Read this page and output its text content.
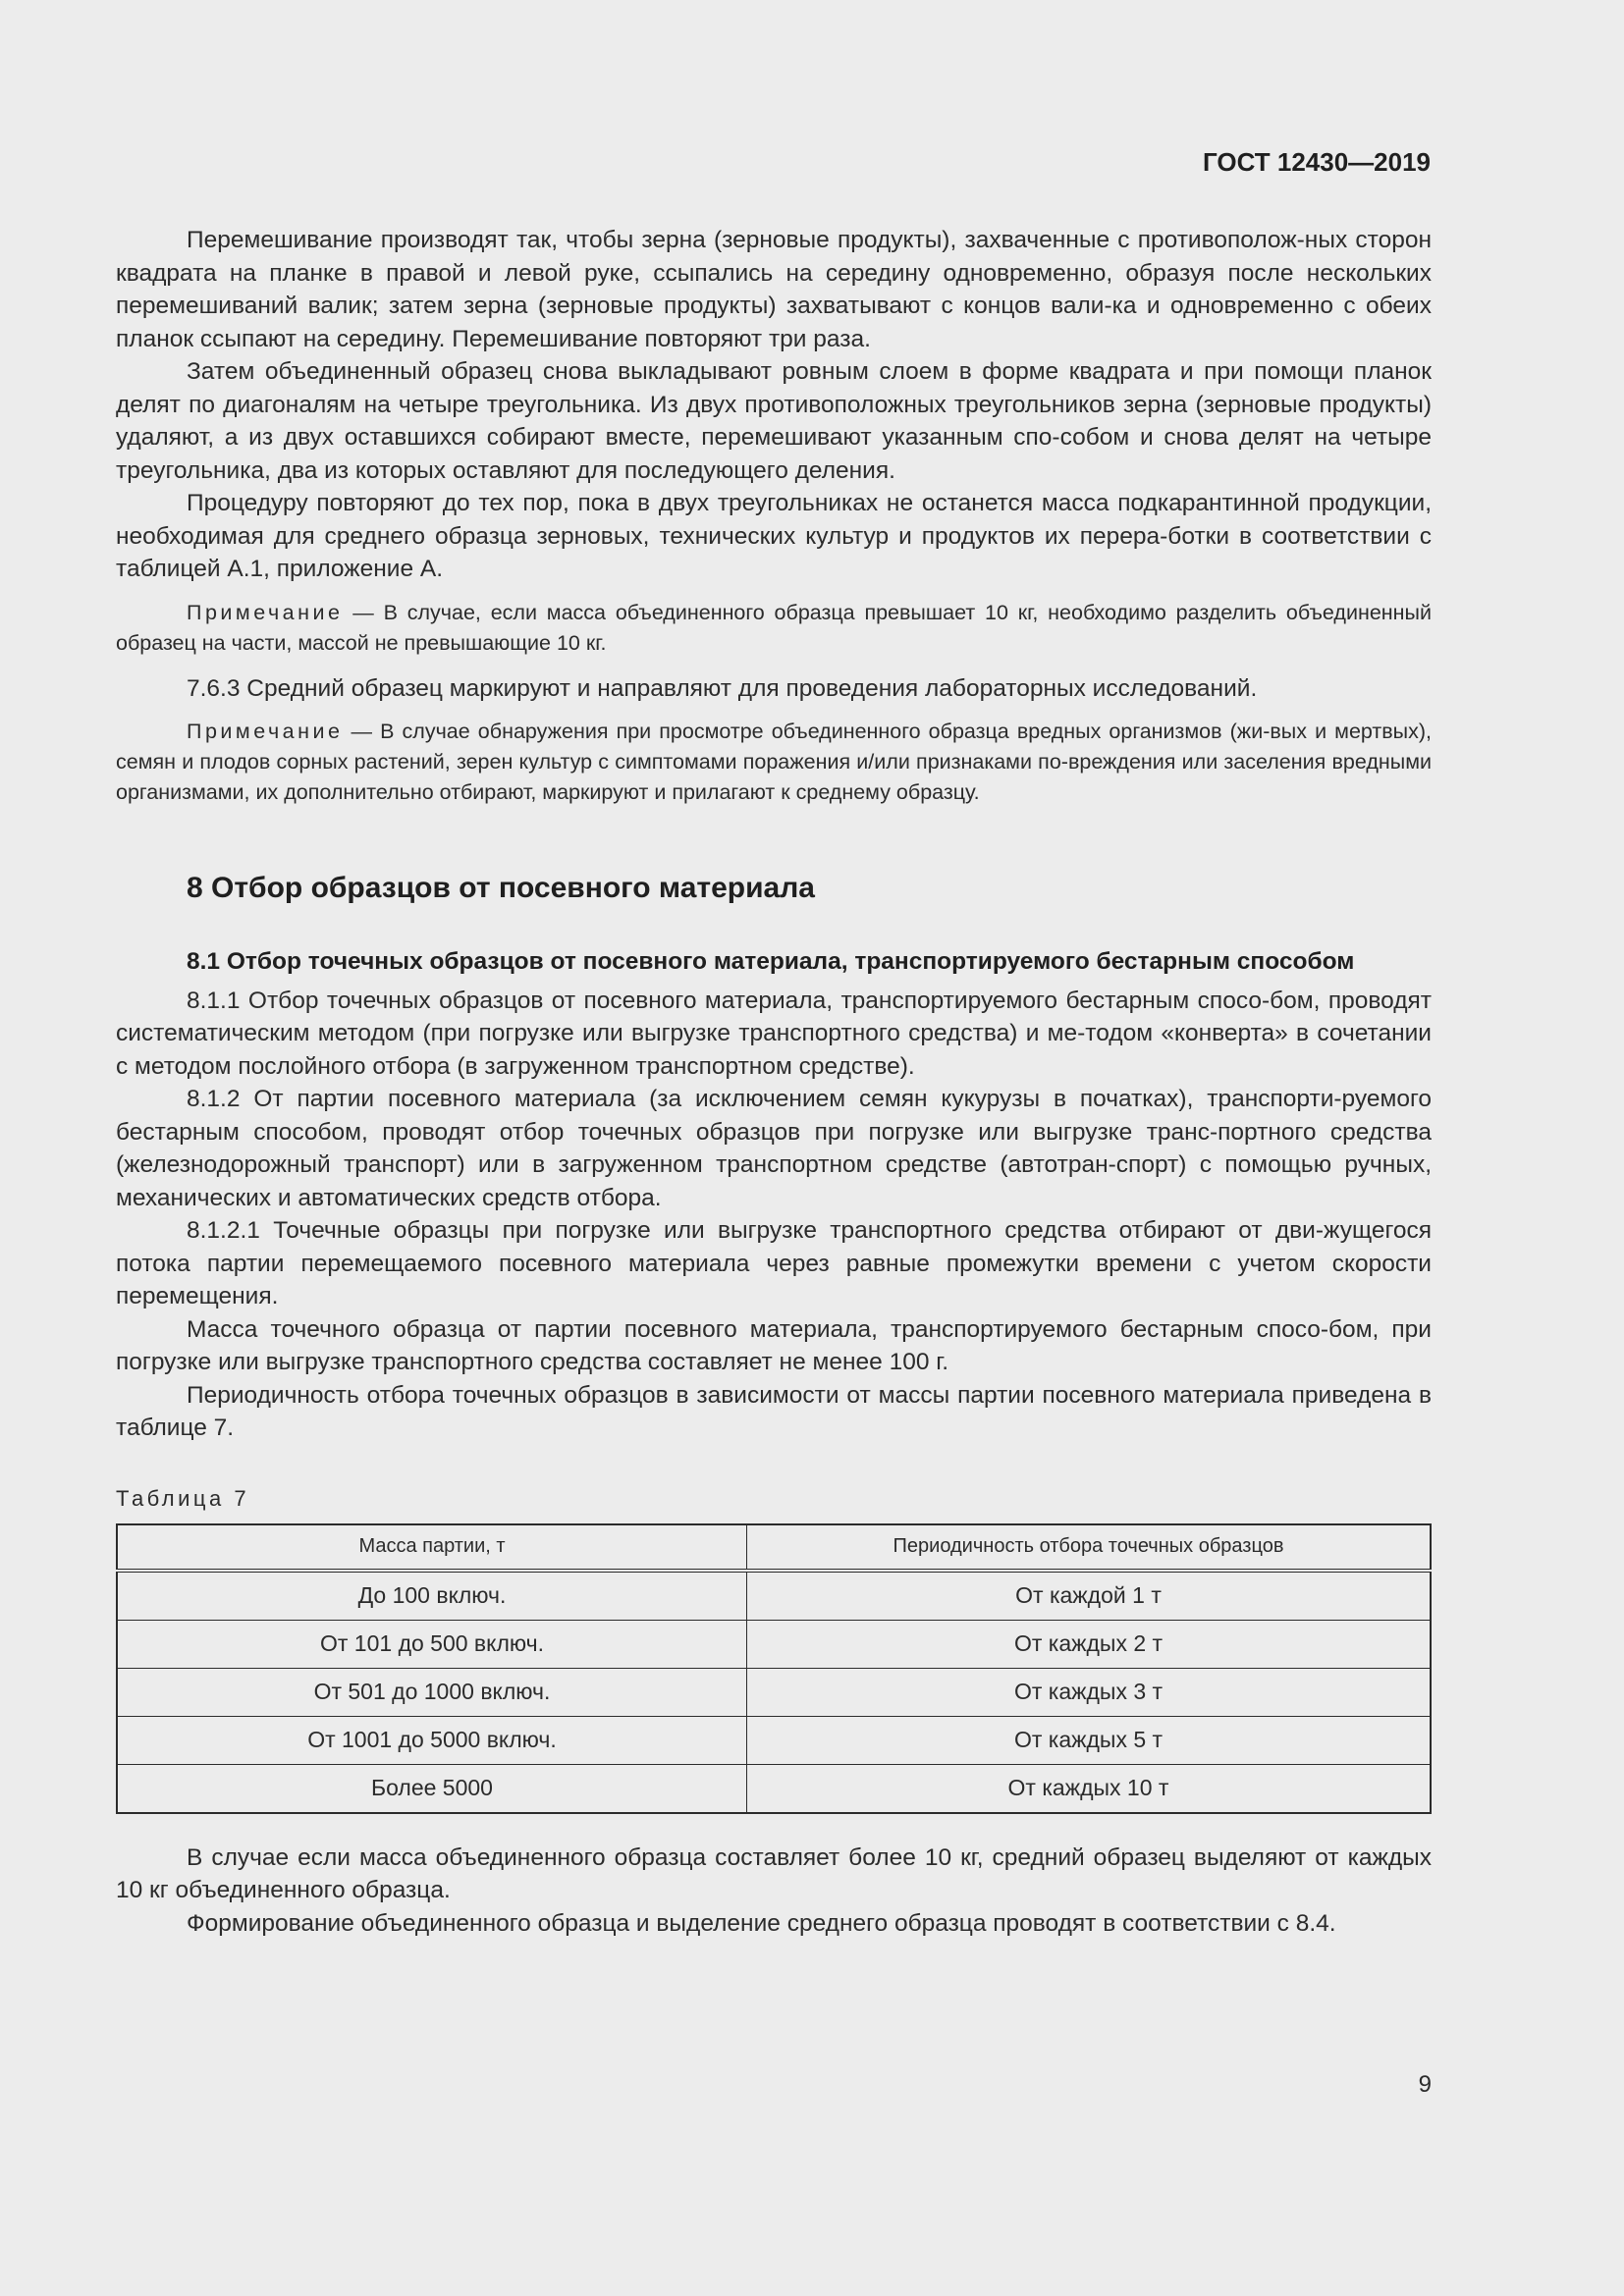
ГОСТ 12430—2019

Перемешивание производят так, чтобы зерна (зерновые продукты), захваченные с противополож-ных сторон квадрата на планке в правой и левой руке, ссыпались на середину одновременно, образуя после нескольких перемешиваний валик; затем зерна (зерновые продукты) захватывают с концов вали-ка и одновременно с обеих планок ссыпают на середину. Перемешивание повторяют три раза.

Затем объединенный образец снова выкладывают ровным слоем в форме квадрата и при помощи планок делят по диагоналям на четыре треугольника. Из двух противоположных треугольников зерна (зерновые продукты) удаляют, а из двух оставшихся собирают вместе, перемешивают указанным спо-собом и снова делят на четыре треугольника, два из которых оставляют для последующего деления.

Процедуру повторяют до тех пор, пока в двух треугольниках не останется масса подкарантинной продукции, необходимая для среднего образца зерновых, технических культур и продуктов их перера-ботки в соответствии с таблицей А.1, приложение А.

Примечание — В случае, если масса объединенного образца превышает 10 кг, необходимо разделить объединенный образец на части, массой не превышающие 10 кг.

7.6.3 Средний образец маркируют и направляют для проведения лабораторных исследований.

Примечание — В случае обнаружения при просмотре объединенного образца вредных организмов (жи-вых и мертвых), семян и плодов сорных растений, зерен культур с симптомами поражения и/или признаками по-вреждения или заселения вредными организмами, их дополнительно отбирают, маркируют и прилагают к среднему образцу.

8 Отбор образцов от посевного материала
8.1 Отбор точечных образцов от посевного материала, транспортируемого бестарным способом

8.1.1 Отбор точечных образцов от посевного материала, транспортируемого бестарным спосо-бом, проводят систематическим методом (при погрузке или выгрузке транспортного средства) и ме-тодом «конверта» в сочетании с методом послойного отбора (в загруженном транспортном средстве).

8.1.2 От партии посевного материала (за исключением семян кукурузы в початках), транспорти-руемого бестарным способом, проводят отбор точечных образцов при погрузке или выгрузке транс-портного средства (железнодорожный транспорт) или в загруженном транспортном средстве (автотран-спорт) с помощью ручных, механических и автоматических средств отбора.

8.1.2.1 Точечные образцы при погрузке или выгрузке транспортного средства отбирают от дви-жущегося потока партии перемещаемого посевного материала через равные промежутки времени с учетом скорости перемещения.

Масса точечного образца от партии посевного материала, транспортируемого бестарным спосо-бом, при погрузке или выгрузке транспортного средства составляет не менее 100 г.

Периодичность отбора точечных образцов в зависимости от массы партии посевного материала приведена в таблице 7.

Таблица 7
Масса партии, т	Периодичность отбора точечных образцов
До 100 включ.	От каждой 1 т
От 101 до 500 включ.	От каждых 2 т
От 501 до 1000 включ.	От каждых 3 т
От 1001 до 5000 включ.	От каждых 5 т
Более 5000	От каждых 10 т

В случае если масса объединенного образца составляет более 10 кг, средний образец выделяют от каждых 10 кг объединенного образца.

Формирование объединенного образца и выделение среднего образца проводят в соответствии с 8.4.

9
